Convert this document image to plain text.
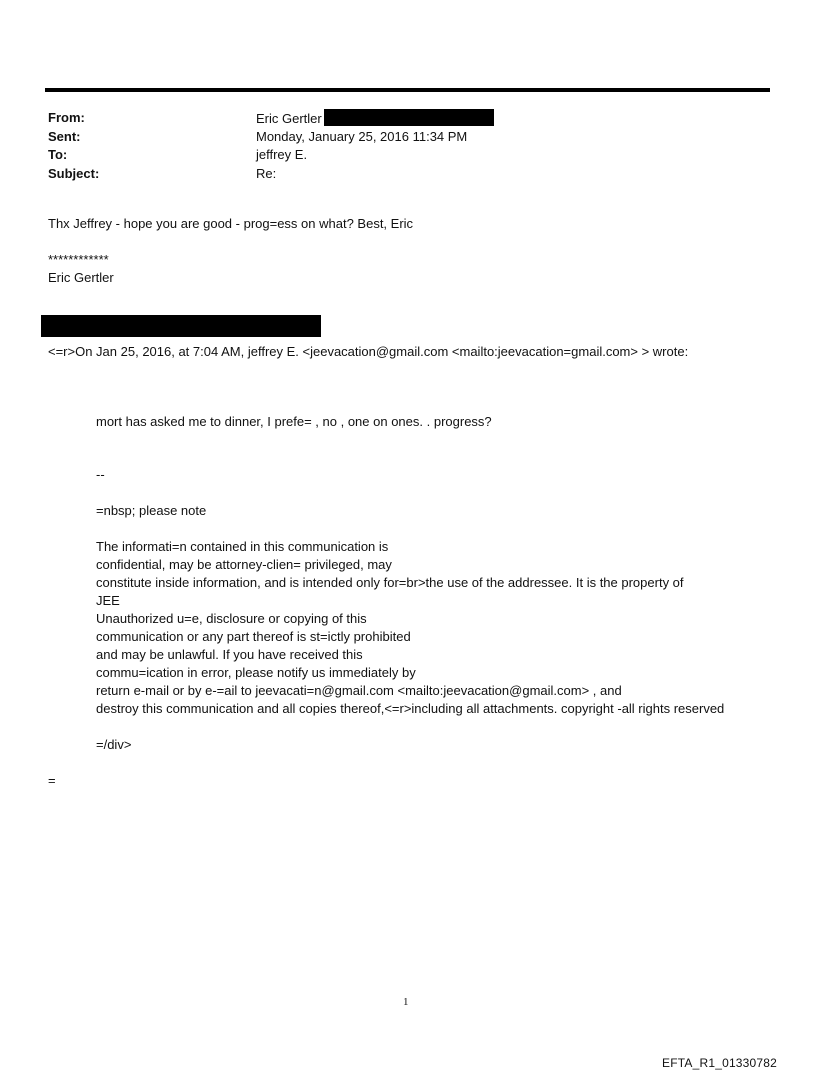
From:	Eric Gertler
Sent:	Monday, January 25, 2016 11:34 PM
To:	jeffrey E.
Subject:	Re:
Thx Jeffrey - hope you are good - prog=ess on what? Best, Eric
************
Eric Gertler
<=r>On Jan 25, 2016, at 7:04 AM, jeffrey E. <jeevacation@gmail.com <mailto:jeevacation=gmail.com> > wrote:
mort has asked me to dinner, I prefe= , no , one on ones. . progress?
--
=nbsp; please note
The informati=n contained in this communication is
confidential, may be attorney-clien= privileged, may
constitute inside information, and is intended only for=br>the use of the addressee. It is the property of
JEE
Unauthorized u=e, disclosure or copying of this
communication or any part thereof is st=ictly prohibited
and may be unlawful. If you have received this
commu=ication in error, please notify us immediately by
return e-mail or by e-=ail to jeevacati=n@gmail.com <mailto:jeevacation@gmail.com> , and
destroy this communication and all copies thereof,<=r>including all attachments. copyright -all rights reserved
=/div>
=
1
EFTA_R1_01330782
